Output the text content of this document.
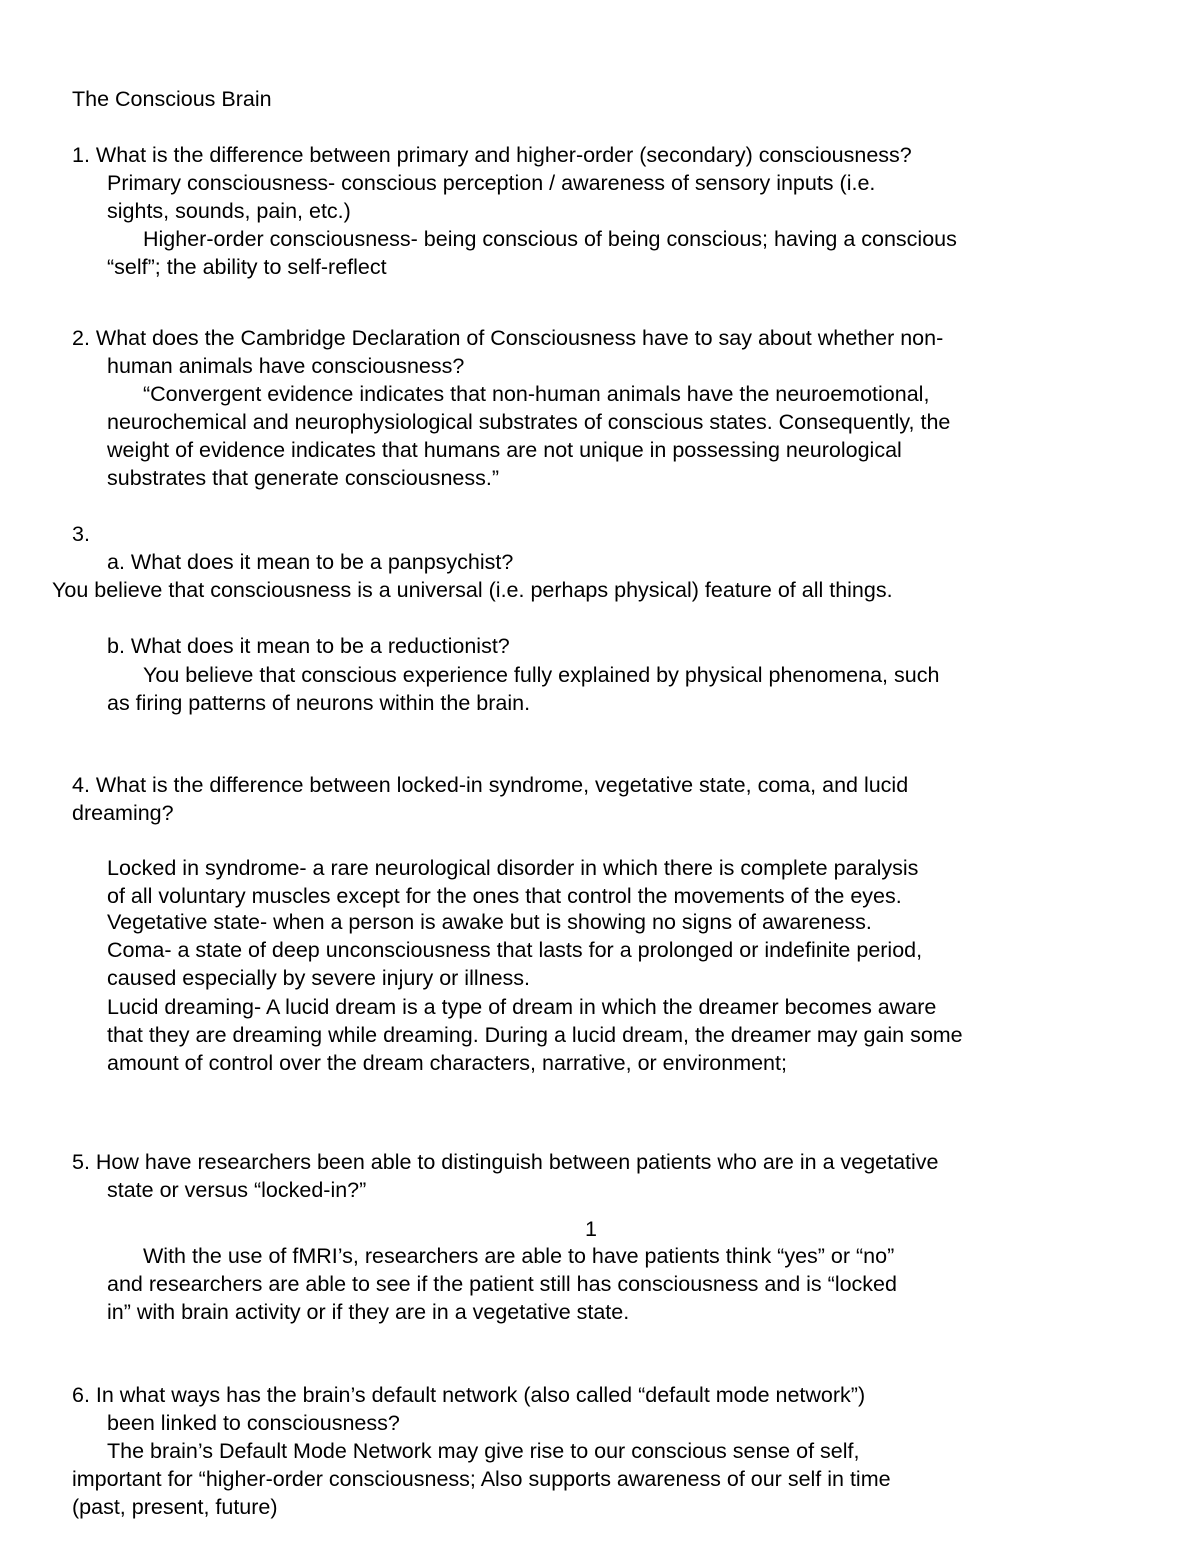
The Conscious Brain

1. What is the difference between primary and higher-order (secondary) consciousness?

Primary consciousness- conscious perception / awareness of sensory inputs (i.e.

sights, sounds, pain, etc.)

Higher-order consciousness- being conscious of being conscious; having a conscious

“self”; the ability to self-reflect

2. What does the Cambridge Declaration of Consciousness have to say about whether non-

human animals have consciousness?

“Convergent evidence indicates that non-human animals have the neuroemotional,

neurochemical and neurophysiological substrates of conscious states. Consequently, the

weight of evidence indicates that humans are not unique in possessing neurological

substrates that generate consciousness.”

3.

a. What does it mean to be a panpsychist?

You believe that consciousness is a universal (i.e. perhaps physical) feature of all things.

b. What does it mean to be a reductionist?

You believe that conscious experience fully explained by physical phenomena, such

as firing patterns of neurons within the brain.

4. What is the difference between locked-in syndrome, vegetative state, coma, and lucid

dreaming?

Locked in syndrome- a rare neurological disorder in which there is complete paralysis

of all voluntary muscles except for the ones that control the movements of the eyes.

Vegetative state- when a person is awake but is showing no signs of awareness.

Coma- a state of deep unconsciousness that lasts for a prolonged or indefinite period,

caused especially by severe injury or illness.

Lucid dreaming- A lucid dream is a type of dream in which the dreamer becomes aware

that they are dreaming while dreaming. During a lucid dream, the dreamer may gain some

amount of control over the dream characters, narrative, or environment;

5. How have researchers been able to distinguish between patients who are in a vegetative

state or versus “locked-in?”

1

With the use of fMRI’s, researchers are able to have patients think “yes” or “no”

and researchers are able to see if the patient still has consciousness and is “locked

in” with brain activity or if they are in a vegetative state.

6. In what ways has the brain’s default network (also called “default mode network”)

been linked to consciousness?

The brain’s Default Mode Network may give rise to our conscious sense of self,

important for “higher-order consciousness; Also supports awareness of our self in time

(past, present, future)
